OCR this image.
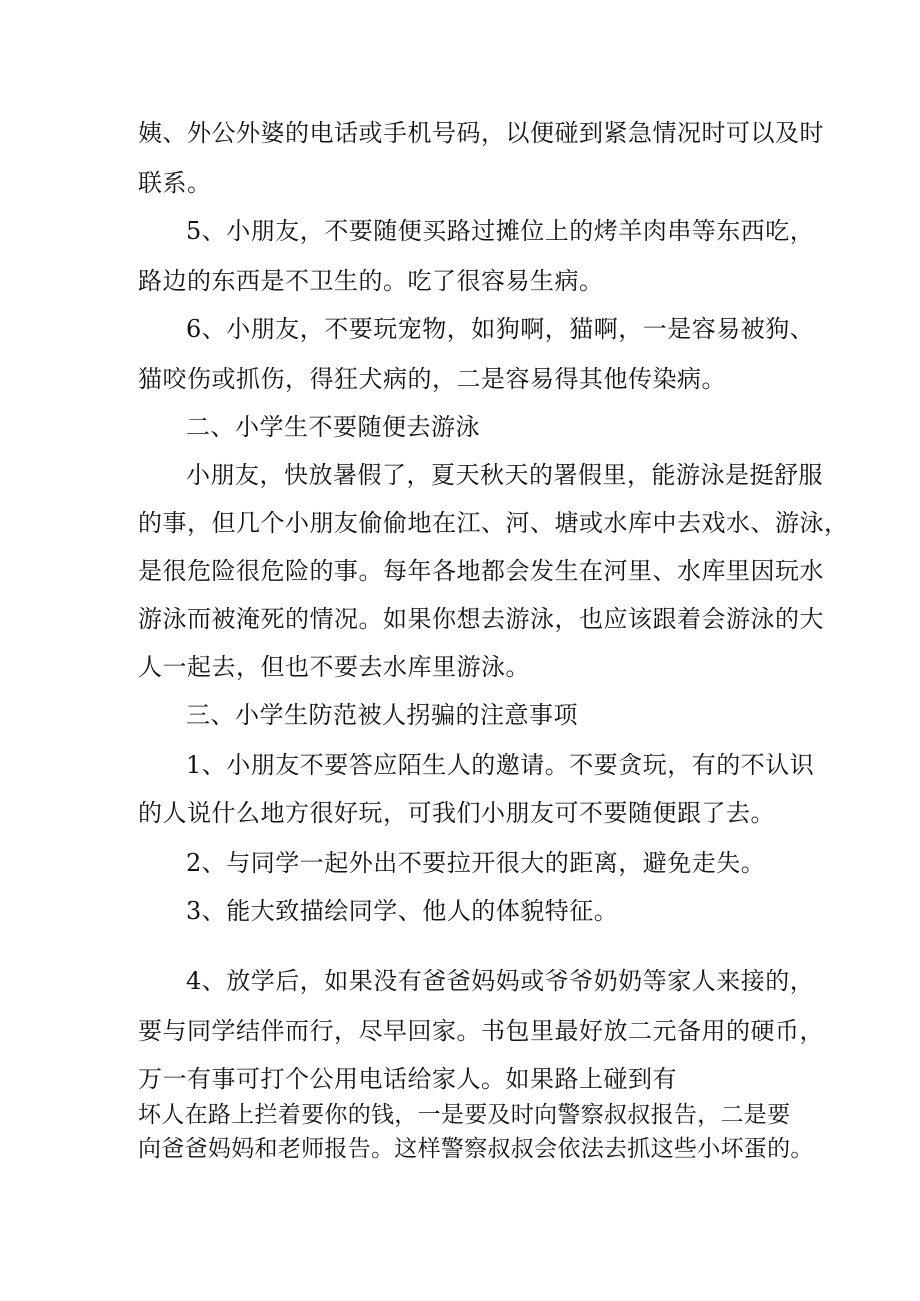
姨、外公外婆的电话或手机号码，以便碰到紧急情况时可以及时
联系。
5、小朋友，不要随便买路过摊位上的烤羊肉串等东西吃，
路边的东西是不卫生的。吃了很容易生病。
6、小朋友，不要玩宠物，如狗啊，猫啊，一是容易被狗、
猫咬伤或抓伤，得狂犬病的，二是容易得其他传染病。
二、小学生不要随便去游泳
小朋友，快放暑假了，夏天秋天的署假里，能游泳是挺舒服
的事，但几个小朋友偷偷地在江、河、塘或水库中去戏水、游泳，
是很危险很危险的事。每年各地都会发生在河里、水库里因玩水
游泳而被淹死的情况。如果你想去游泳，也应该跟着会游泳的大
人一起去，但也不要去水库里游泳。
三、小学生防范被人拐骗的注意事项
1、小朋友不要答应陌生人的邀请。不要贪玩，有的不认识
的人说什么地方很好玩，可我们小朋友可不要随便跟了去。
2、与同学一起外出不要拉开很大的距离，避免走失。
3、能大致描绘同学、他人的体貌特征。
4、放学后，如果没有爸爸妈妈或爷爷奶奶等家人来接的，
要与同学结伴而行，尽早回家。书包里最好放二元备用的硬币，
万一有事可打个公用电话给家人。如果路上碰到有
坏人在路上拦着要你的钱，一是要及时向警察叔叔报告，二是要
向爸爸妈妈和老师报告。这样警察叔叔会依法去抓这些小坏蛋的。
